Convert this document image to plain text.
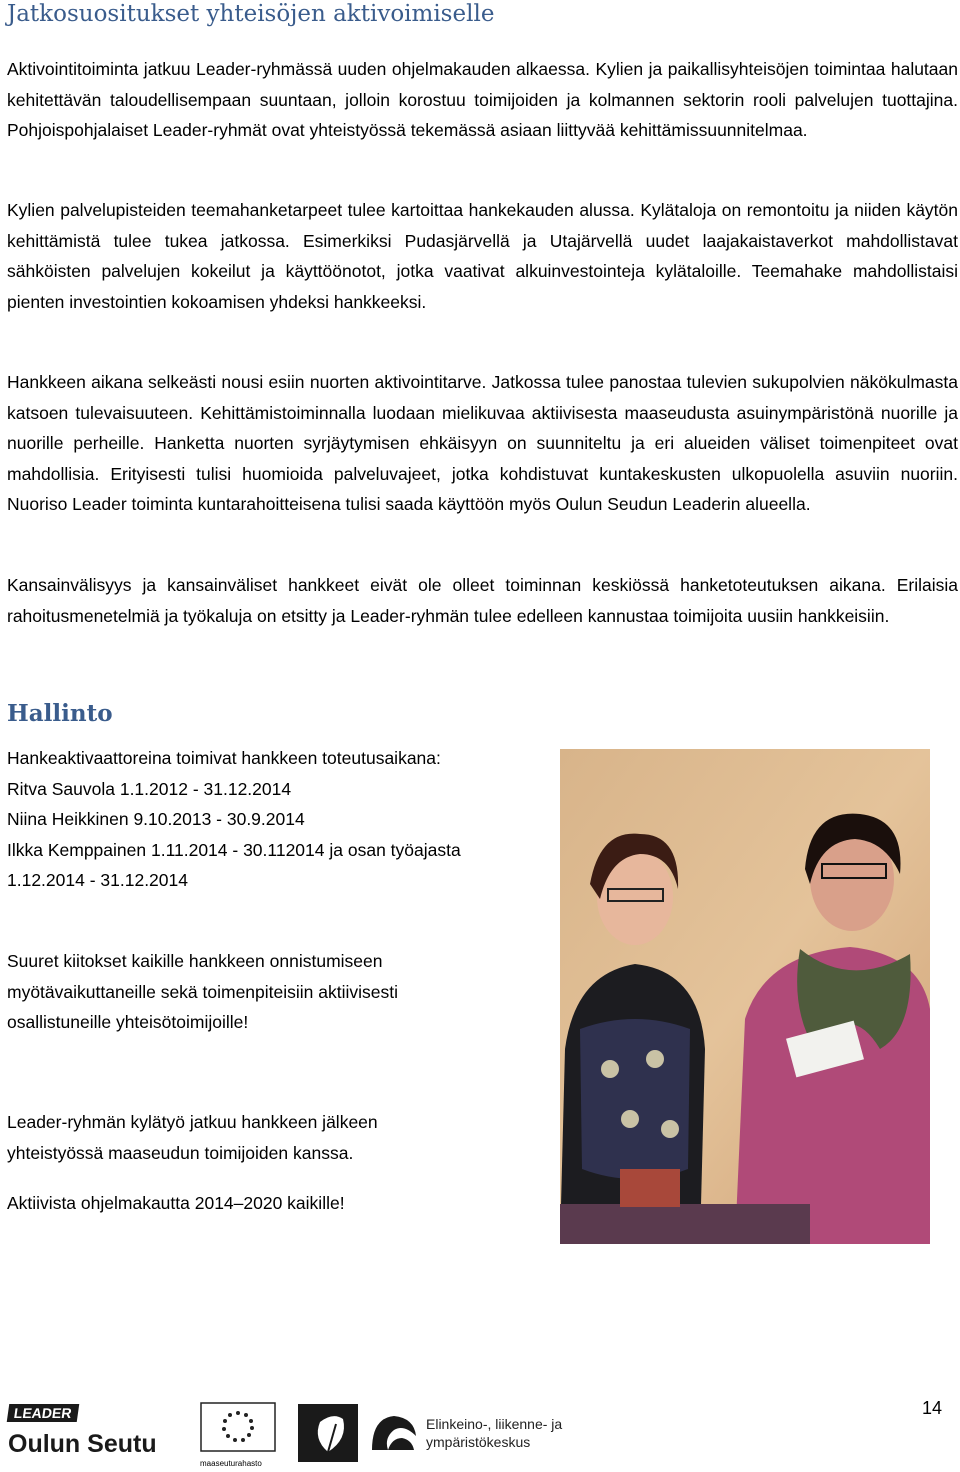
Jatkosuositukset yhteisöjen aktivoimiselle

Aktivointitoiminta jatkuu Leader-ryhmässä uuden ohjelmakauden alkaessa. Kylien ja paikallisyhteisöjen toimintaa halutaan kehitettävän taloudellisempaan suuntaan, jolloin korostuu toimijoiden ja kolmannen sektorin rooli palvelujen tuottajina. Pohjoispohjalaiset Leader-ryhmät ovat yhteistyössä tekemässä asiaan liittyvää kehittämissuunnitelmaa.

Kylien palvelupisteiden teemahanketarpeet tulee kartoittaa hankekauden alussa. Kylätaloja on remontoitu ja niiden käytön kehittämistä tulee tukea jatkossa. Esimerkiksi Pudasjärvellä ja Utajärvellä uudet laajakaistaverkot mahdollistavat sähköisten palvelujen kokeilut ja käyttöönotot, jotka vaativat alkuinvestointeja kylätaloille. Teemahake mahdollistaisi pienten investointien kokoamisen yhdeksi hankkeeksi.

Hankkeen aikana selkeästi nousi esiin nuorten aktivointitarve. Jatkossa tulee panostaa tulevien sukupolvien näkökulmasta katsoen tulevaisuuteen. Kehittämistoiminnalla luodaan mielikuvaa aktiivisesta maaseudusta asuinympäristönä nuorille ja nuorille perheille. Hanketta nuorten syrjäytymisen ehkäisyyn on suunniteltu ja eri alueiden väliset toimenpiteet ovat mahdollisia. Erityisesti tulisi huomioida palveluvajeet, jotka kohdistuvat kuntakeskusten ulkopuolella asuviin nuoriin. Nuoriso Leader toiminta kuntarahoitteisena tulisi saada käyttöön myös Oulun Seudun Leaderin alueella.

Kansainvälisyys ja kansainväliset hankkeet eivät ole olleet toiminnan keskiössä hanketoteutuksen aikana. Erilaisia rahoitusmenetelmiä ja työkaluja on etsitty ja Leader-ryhmän tulee edelleen kannustaa toimijoita uusiin hankkeisiin.

Hallinto
Hankeaktivaattoreina toimivat hankkeen toteutusaikana:
Ritva Sauvola 1.1.2012 - 31.12.2014
Niina Heikkinen 9.10.2013 - 30.9.2014
Ilkka Kemppainen 1.11.2014 - 30.112014 ja osan työajasta
1.12.2014 - 31.12.2014
Suuret kiitokset kaikille hankkeen onnistumiseen myötävaikuttaneille sekä toimenpiteisiin aktiivisesti osallistuneille yhteisötoimijoille!
Leader-ryhmän kylätyö jatkuu hankkeen jälkeen yhteistyössä maaseudun toimijoiden kanssa.
Aktiivista ohjelmakautta 2014–2020 kaikille!
14
LEADER
Oulun Seutu
maaseuturahasto
Elinkeino-, liikenne- ja
ympäristökeskus
